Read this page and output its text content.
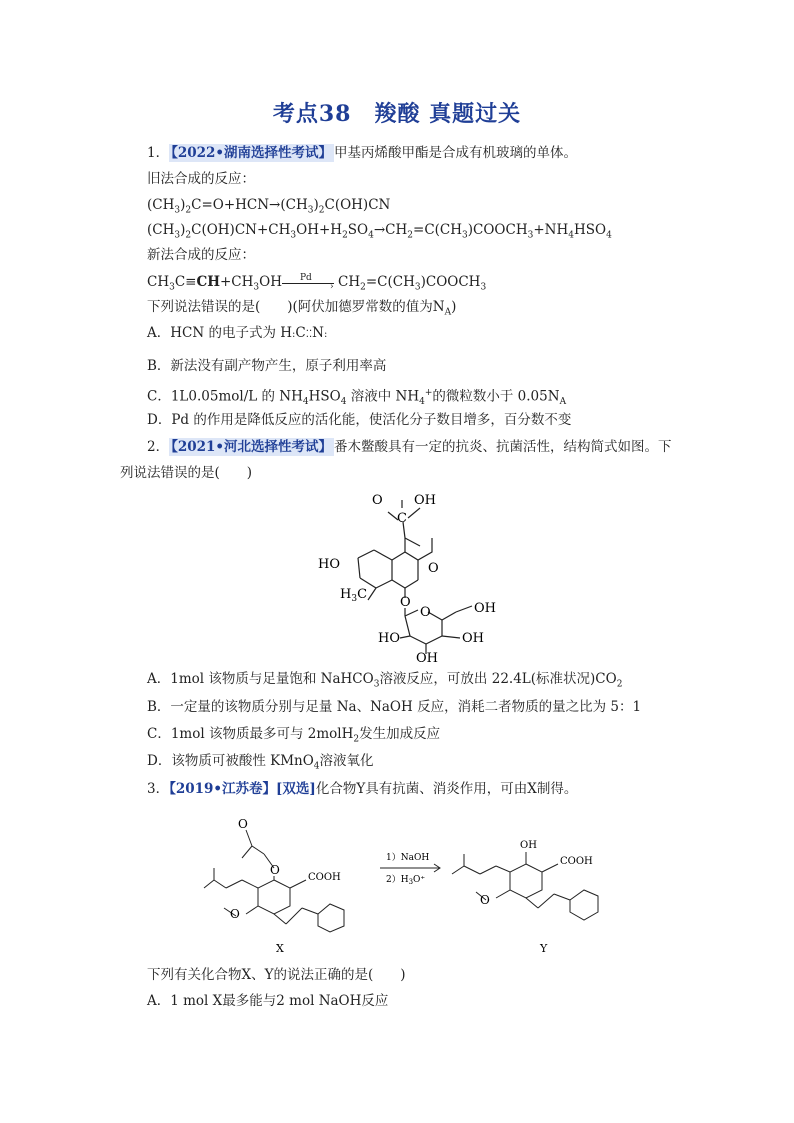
考点38　羧酸 真题过关
1． 【2022•湖南选择性考试】 甲基丙烯酸甲酯是合成有机玻璃的单体。
旧法合成的反应：
$(CH_3)_2C=O+HCN\to(CH_3)_2C(OH)CN$
$(CH_3)_2C(OH)CN+CH_3OH+H_2SO_4\to CH_2=C(CH_3)COOCH_3+NH_4HSO_4$
新法合成的反应：
$CH_3C\equiv CH+CH_3OH$ Pd
› $CH_2=C(CH_3)COOCH_3$
下列说法错误的是(　　)(阿伏加德罗常数的值为$N_A$)
A．HCN 的电子式为 H:C⁚⁚N:
B．新法没有副产物产生，原子利用率高
C．1L0.05mol/L 的 $NH_4HSO_4$ 溶液中 $NH_4^+$的微粒数小于 $0.05N_A$
D．Pd 的作用是降低反应的活化能，使活化分子数目增多，百分数不变
2． 【2021•河北选择性考试】 番木鳖酸具有一定的抗炎、抗菌活性，结构简式如图。下
列说法错误的是(　　)
O OH
C
HO
$H_3C$
O
O
O	OH
HO	OH
OH
A．1mol 该物质与足量饱和 NaHCO$_3$溶液反应，可放出 22.4L(标准状况)$CO_2$
B．一定量的该物质分别与足量 Na、NaOH 反应，消耗二者物质的量之比为 5：1
C．1mol 该物质最多可与 2molH$_2$发生加成反应
D．该物质可被酸性 KMnO$_4$溶液氧化
3．【2019•江苏卷】[双选]化合物Y具有抗菌、消炎作用，可由X制得。
O
O
COOH
O
1）NaOH
$2)H_3O^+$
OH
COOH
O
X	Y
下列有关化合物X、Y的说法正确的是(　　)
A．1 mol X最多能与2 mol NaOH反应
